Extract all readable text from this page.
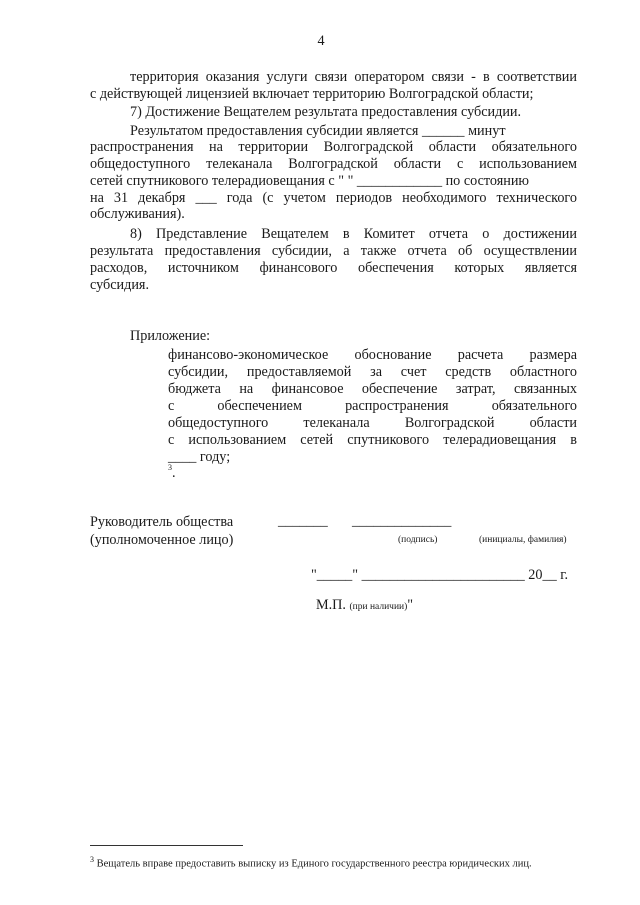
4
территория оказания услуги связи оператором связи - в соответствии
с действующей лицензией включает территорию Волгоградской области;
7) Достижение Вещателем результата предоставления субсидии.
Результатом предоставления субсидии является ______ минут
распространения на территории Волгоградской области обязательного
общедоступного телеканала Волгоградской области с использованием
сетей спутникового телерадиовещания с " " ____________ по состоянию
на 31 декабря ___ года (с учетом периодов необходимого технического
обслуживания).
8) Представление Вещателем в Комитет отчета о достижении
результата предоставления субсидии, а также отчета об осуществлении
расходов, источником финансового обеспечения которых является
субсидия.
Приложение:
финансово-экономическое обоснование расчета размера
субсидии, предоставляемой за счет средств областного
бюджета на финансовое обеспечение затрат, связанных
с обеспечением распространения обязательного
общедоступного телеканала Волгоградской области
с использованием сетей спутникового телерадиовещания в
____ году;
3 .
Руководитель общества
(уполномоченное лицо)
_______ ______________
(подпись)	(инициалы, фамилия)
"_____" _______________________ 20__ г.
М.П. (при наличии)"
$^3$ Вещатель вправе предоставить выписку из Единого государственного реестра юридических лиц.
